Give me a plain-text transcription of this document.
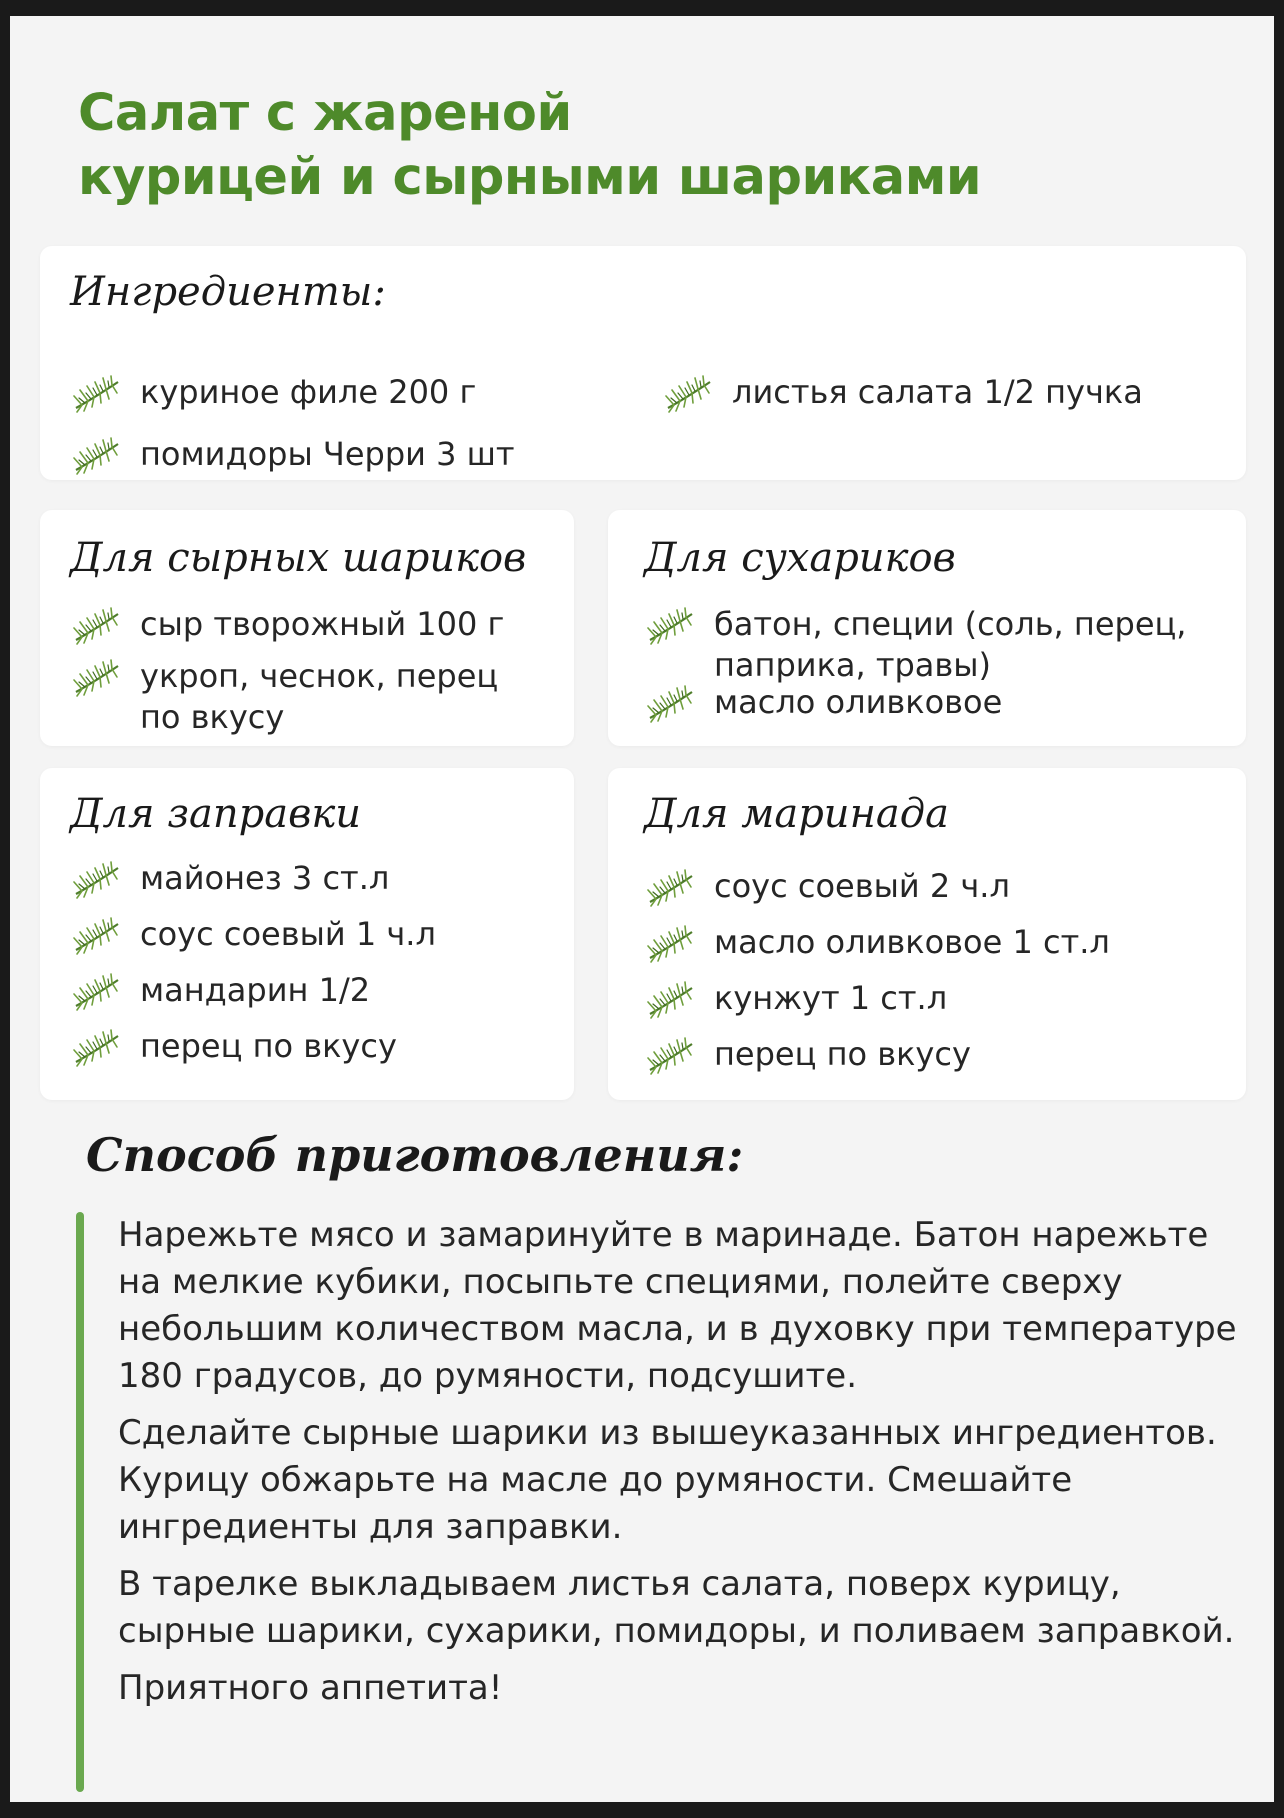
Салат с жареной
курицей и сырными шариками
Ингредиенты:
куриное филе 200 г
помидоры Черри 3 шт
листья салата 1/2 пучка
Для сырных шариков
сыр творожный 100 г
укроп, чеснок, перец по вкусу
Для сухариков
батон, специи (соль, перец, паприка, травы)
масло оливковое
Для заправки
майонез 3 ст.л
соус соевый 1 ч.л
мандарин 1/2
перец по вкусу
Для маринада
соус соевый 2 ч.л
масло оливковое 1 ст.л
кунжут 1 ст.л
перец по вкусу
Способ приготовления:

Нарежьте мясо и замаринуйте в маринаде. Батон нарежьте на мелкие кубики, посыпьте специями, полейте сверху небольшим количеством масла, и в духовку при температуре 180 градусов, до румяности, подсушите.

Сделайте сырные шарики из вышеуказанных ингредиентов. Курицу обжарьте на масле до румяности. Смешайте ингредиенты для заправки.

В тарелке выкладываем листья салата, поверх курицу, сырные шарики, сухарики, помидоры, и поливаем заправкой.

Приятного аппетита!
